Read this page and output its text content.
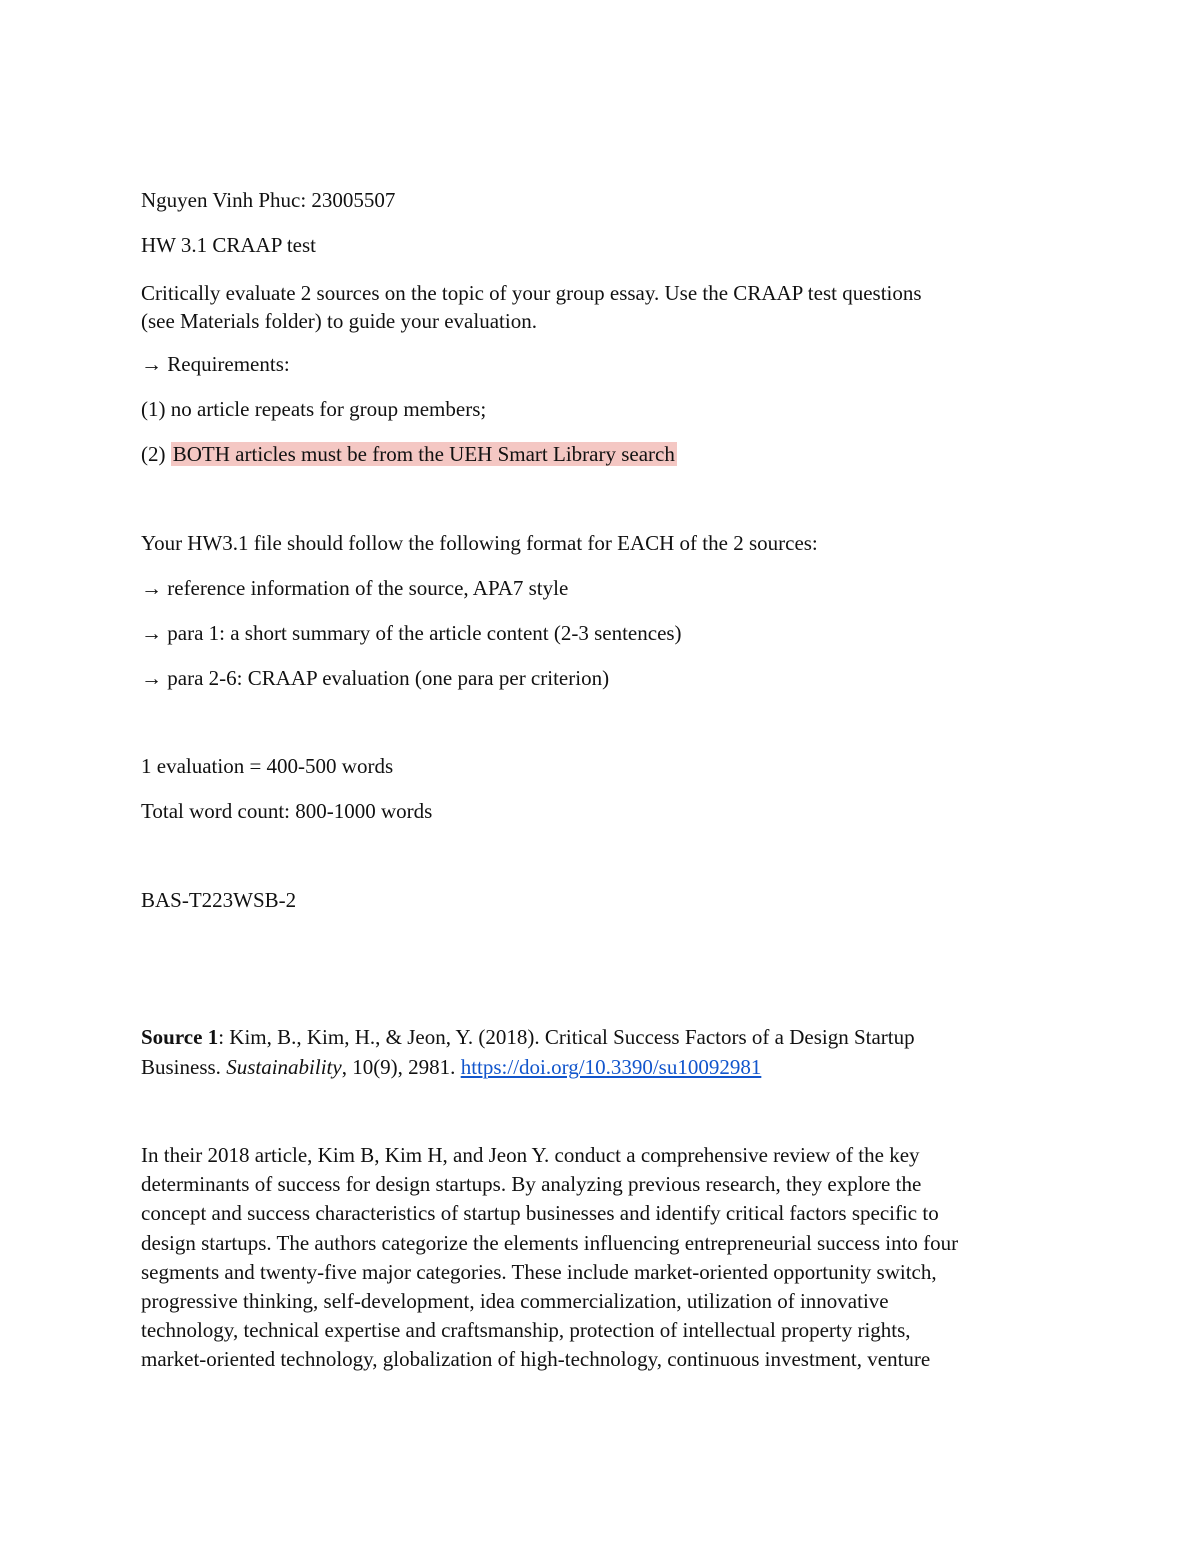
Nguyen Vinh Phuc: 23005507

HW 3.1 CRAAP test

Critically evaluate 2 sources on the topic of your group essay. Use the CRAAP test questions

(see Materials folder) to guide your evaluation.

→ Requirements:

(1) no article repeats for group members;

(2) BOTH articles must be from the UEH Smart Library search

Your HW3.1 file should follow the following format for EACH of the 2 sources:

→ reference information of the source, APA7 style

→ para 1: a short summary of the article content (2-3 sentences)

→ para 2-6: CRAAP evaluation (one para per criterion)

1 evaluation = 400-500 words

Total word count: 800-1000 words

BAS-T223WSB-2

Source 1: Kim, B., Kim, H., & Jeon, Y. (2018). Critical Success Factors of a Design Startup

Business. Sustainability, 10(9), 2981. https://doi.org/10.3390/su10092981

In their 2018 article, Kim B, Kim H, and Jeon Y. conduct a comprehensive review of the key
determinants of success for design startups. By analyzing previous research, they explore the
concept and success characteristics of startup businesses and identify critical factors specific to
design startups. The authors categorize the elements influencing entrepreneurial success into four
segments and twenty-five major categories. These include market-oriented opportunity switch,
progressive thinking, self-development, idea commercialization, utilization of innovative
technology, technical expertise and craftsmanship, protection of intellectual property rights,
market-oriented technology, globalization of high-technology, continuous investment, venture
